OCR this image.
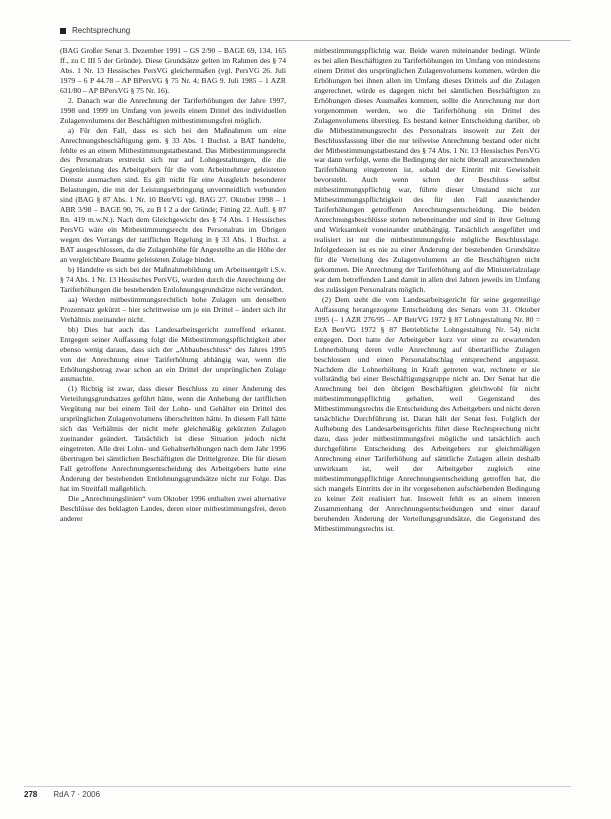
Rechtsprechung

(BAG Großer Senat 3. Dezember 1991 – GS 2/90 – BAGE 69, 134, 165 ff., zu C III 5 der Gründe). Diese Grundsätze gelten im Rahmen des § 74 Abs. 1 Nr. 13 Hessisches PersVG gleichermaßen (vgl. PersVG 26. Juli 1979 – 6 P 44.78 – AP BPersVG § 75 Nr. 4; BAG 9. Juli 1985 – 1 AZR 631/80 – AP BPersVG § 75 Nr. 16).

2. Danach war die Anrechnung der Tariferhöhungen der Jahre 1997, 1998 und 1999 im Umfang von jeweils einem Drittel des individuellen Zulagenvolumens der Beschäftigten mitbestimmungsfrei möglich.

a) Für den Fall, dass es sich bei den Maßnahmen um eine Anrechnungsbeschäftigung gem. § 33 Abs. 1 Buchst. a BAT handelte, fehlte es an einem Mitbestimmungstatbestand. Das Mitbestimmungsrecht des Personalrats erstreckt sich nur auf Lohngestaltungen, die die Gegenleistung des Arbeitgebers für die vom Arbeitnehmer geleisteten Dienste ausmachen sind. Es gilt nicht für eine Ausgleich besonderer Belastungen, die mit der Leistungserbringung unvermeidlich verbunden sind (BAG § 87 Abs. 1 Nr. 10 BetrVG vgl. BAG 27. Oktober 1998 – 1 ABR 3/98 – BAGE 90, 76, zu B I 2 a der Gründe; Fitting 22. Aufl. § 87 Rn. 419 m.w.N.). Nach dem Gleichgewicht des § 74 Abs. 1 Hessisches PersVG wäre ein Mitbestimmungsrecht des Personalrats im Übrigen wegen des Vorrangs der tariflichen Regelung in § 33 Abs. 1 Buchst. a BAT ausgeschlossen, da die Zulagenhöhe für Angestellte an die Höhe der an vergleichbare Beamte geleisteten Zulage bindet.

b) Handelte es sich bei der Maßnahmebildung um Arbeitsentgelt i.S.v. § 74 Abs. 1 Nr. 13 Hessisches PersVG, wurden durch die Anrechnung der Tariferhöhungen die bestehenden Entlohnungsgrundsätze nicht verändert.

aa) Werden mitbestimmungsrechtlich hohe Zulagen um denselben Prozentsatz gekürzt – hier schrittweise um je ein Drittel – ändert sich ihr Verhältnis zueinander nicht.

bb) Dies hat auch das Landesarbeitsgericht zutreffend erkannt. Entgegen seiner Auffassung folgt die Mitbestimmungspflichtigkeit aber ebenso wenig daraus, dass sich der „Abbaubeschluss“ des Jahres 1995 von der Anrechnung einer Tariferhöhung abhängig war, wenn die Erhöhungsbetrag zwar schon an ein Drittel der ursprünglichen Zulage ausmachte.

(1) Richtig ist zwar, dass dieser Beschluss zu einer Änderung des Verteilungsgrundsatzes geführt hätte, wenn die Anhebung der tariflichen Vergütung nur bei einem Teil der Lohn- und Gehälter ein Drittel des ursprünglichen Zulagenvolumens überschritten hätte. In diesem Fall hätte sich das Verhältnis der nicht mehr gleichmäßig gekürzten Zulagen zueinander geändert. Tatsächlich ist diese Situation jedoch nicht eingetreten. Alle drei Lohn- und Gehaltserhöhungen nach dem Jahr 1996 übertrugen bei sämtlichen Beschäftigten die Drittelgrenze. Die für diesen Fall getroffene Anrechnungsentscheidung des Arbeitgebers hatte eine Änderung der bestehenden Entlohnungsgrundsätze nicht zur Folge. Das hat im Streitfall maßgeblich.

Die „Anrechnungslinien“ vom Oktober 1996 enthalten zwei alternative Beschlüsse des beklagten Landes, deren einer mitbestimmungsfrei, deren anderer

mitbestimmungspflichtig war. Beide waren miteinander bedingt. Würde es bei allen Beschäftigten zu Tariferhöhungen im Umfang von mindestens einem Drittel des ursprünglichen Zulagenvolumens kommen, würden die Erhöhungen bei ihnen allen im Umfang dieses Drittels auf die Zulagen angerechnet, würde es dagegen nicht bei sämtlichen Beschäftigten zu Erhöhungen dieses Ausmaßes kommen, sollte die Anrechnung nur dort vorgenommen werden, wo die Tariferhöhung ein Drittel des Zulagenvolumens überstieg. Es bestand keiner Entscheidung darüber, ob die Mitbestimmungsrecht des Personalrats insoweit zur Zeit der Beschlussfassung über die nur teilweise Anrechnung bestand oder nicht der Mitbestimmungstatbestand des § 74 Abs. 1 Nr. 13 Hessisches PersVG war dann verfolgt, wenn die Bedingung der nicht überall anzurechnenden Tariferhöhung eingetreten ist, sobald der Eintritt mit Gewissheit bevorsteht. Auch wenn schon der Beschluss selbst mitbestimmungspflichtig war, führte dieser Umstand nicht zur Mitbestimmungspflichtigkeit des für den Fall ausreichender Tariferhöhungen getroffenen Anrechnungsentscheidung. Die beiden Anrechnungsbeschlüsse stehen nebeneinander und sind in ihrer Geltung und Wirksamkeit voneinander unabhängig. Tatsächlich ausgeführt und realisiert ist nur die mitbestimmungsfreie mögliche Beschlusslage. Infolgedessen ist es nie zu einer Änderung der bestehenden Grundsätze für die Verteilung des Zulagenvolumens an die Beschäftigten nicht gekommen. Die Anrechnung der Tariferhöhung auf die Ministerialzulage war dem betreffenden Land damit in allen drei Jahren jeweils im Umfang des zulässigen Personalrats möglich.

(2) Dem steht die vom Landesarbeitsgericht für seine gegenteilige Auffassung herangezogene Entscheidung des Senats vom 31. Oktober 1995 (– 1 AZR 276/95 – AP BetrVG 1972 § 87 Lohngestaltung Nr. 80 = EzA BetrVG 1972 § 87 Betriebliche Lohngestaltung Nr. 54) nicht entgegen. Dort hatte der Arbeitgeber kurz vor einer zu erwartenden Lohnerhöhung deren volle Anrechnung auf übertarifliche Zulagen beschlossen und einen Personalabschlag entsprechend angepasst. Nachdem die Lohnerhöhung in Kraft getreten war, rechnete er sie vollständig bei einer Beschäftigungsgruppe nicht an. Der Senat hat die Anrechnung bei den übrigen Beschäftigten gleichwohl für nicht mitbestimmungspflichtig gehalten, weil Gegenstand des Mitbestimmungsrechts die Entscheidung des Arbeitgebers und nicht deren tatsächliche Durchführung ist. Daran hält der Senat fest. Folglich der Aufhebung des Landesarbeitsgerichts führt diese Rechtsprechung nicht dazu, dass jeder mitbestimmungsfrei mögliche und tatsächlich auch durchgeführte Entscheidung des Arbeitgebers zur gleichmäßigen Anrechnung einer Tariferhöhung auf sämtliche Zulagen allein deshalb unwirksam ist, weil der Arbeitgeber zugleich eine mitbestimmungspflichtige Anrechnungsentscheidung getroffen hat, die sich mangels Eintritts der in ihr vorgesehenen aufschiebenden Bedingung zu keiner Zeit realisiert hat. Insoweit fehlt es an einem inneren Zusammenhang der Anrechnungsentscheidungen und einer darauf beruhenden Änderung der Verteilungsgrundsätze, die Gegenstand des Mitbestimmungsrechts ist.

278 RdA 7 · 2006
